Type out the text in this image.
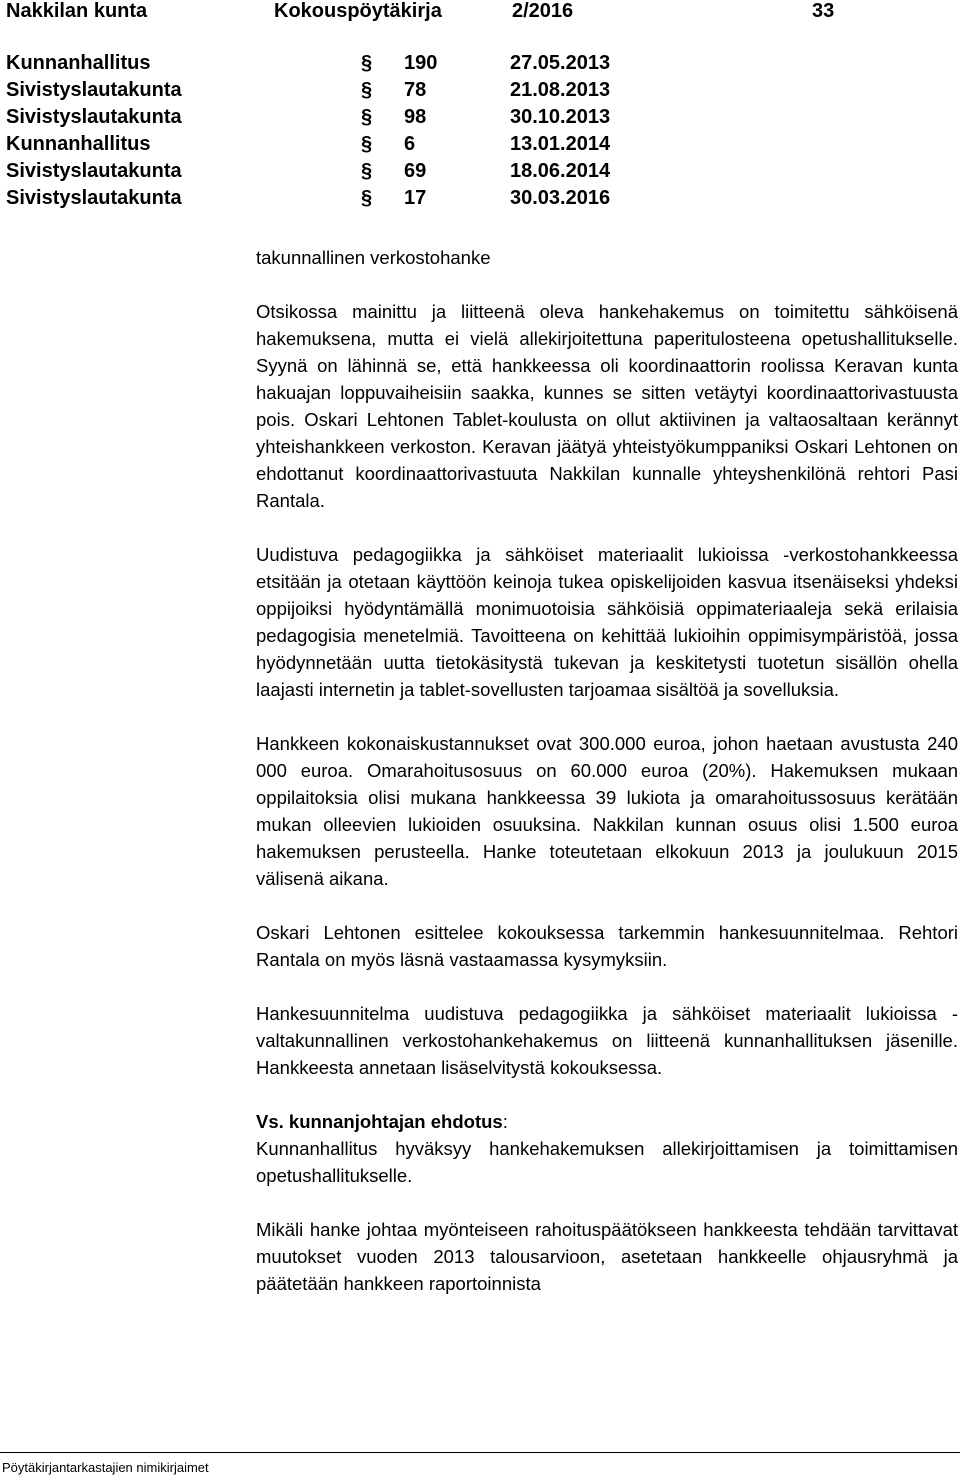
Nakkilan kunta	Kokouspöytäkirja	2/2016	33
Kunnanhallitus	§ 190	27.05.2013
Sivistyslautakunta	§ 78	21.08.2013
Sivistyslautakunta	§ 98	30.10.2013
Kunnanhallitus	§ 6	13.01.2014
Sivistyslautakunta	§ 69	18.06.2014
Sivistyslautakunta	§ 17	30.03.2016

takunnallinen verkostohanke

Otsikossa mainittu ja liitteenä oleva hankehakemus on toimitettu sähköisenä hakemuksena, mutta ei vielä allekirjoitettuna paperitulosteena opetushallitukselle. Syynä on lähinnä se, että hankkeessa oli koordinaattorin roolissa Keravan kunta hakuajan loppuvaiheisiin saakka, kunnes se sitten vetäytyi koordinaattorivastuusta pois. Oskari Lehtonen Tablet-koulusta on ollut aktiivinen ja valtaosaltaan kerännyt yhteishankkeen verkoston. Keravan jäätyä yhteistyökumppaniksi Oskari Lehtonen on ehdottanut koordinaattorivastuuta Nakkilan kunnalle yhteyshenkilönä rehtori Pasi Rantala.

Uudistuva pedagogiikka ja sähköiset materiaalit lukioissa -verkostohankkeessa etsitään ja otetaan käyttöön keinoja tukea opiskelijoiden kasvua itsenäiseksi yhdeksi oppijoiksi hyödyntämällä monimuotoisia sähköisiä oppimateriaaleja sekä erilaisia pedagogisia menetelmiä. Tavoitteena on kehittää lukioihin oppimisympäristöä, jossa hyödynnetään uutta tietokäsitystä tukevan ja keskitetysti tuotetun sisällön ohella laajasti internetin ja tablet-sovellusten tarjoamaa sisältöä ja sovelluksia.

Hankkeen kokonaiskustannukset ovat 300.000 euroa, johon haetaan avustusta 240 000 euroa. Omarahoitusosuus on 60.000 euroa (20%). Hakemuksen mukaan oppilaitoksia olisi mukana hankkeessa 39 lukiota ja omarahoitussosuus kerätään mukan olleevien lukioiden osuuksina. Nakkilan kunnan osuus olisi 1.500 euroa hakemuksen perusteella. Hanke toteutetaan elkokuun 2013 ja joulukuun 2015 välisenä aikana.

Oskari Lehtonen esittelee kokouksessa tarkemmin hankesuunnitelmaa. Rehtori Rantala on myös läsnä vastaamassa kysymyksiin.

Hankesuunnitelma uudistuva pedagogiikka ja sähköiset materiaalit lukioissa -valtakunnallinen verkostohankehakemus on liitteenä kunnanhallituksen jäsenille. Hankkeesta annetaan lisäselvitystä kokouksessa.

Vs. kunnanjohtajan ehdotus:

Kunnanhallitus hyväksyy hankehakemuksen allekirjoittamisen ja toimittamisen opetushallitukselle.

Mikäli hanke johtaa myönteiseen rahoituspäätökseen hankkeesta tehdään tarvittavat muutokset vuoden 2013 talousarvioon, asetetaan hankkeelle ohjausryhmä ja päätetään hankkeen raportoinnista

Pöytäkirjantarkastajien nimikirjaimet
